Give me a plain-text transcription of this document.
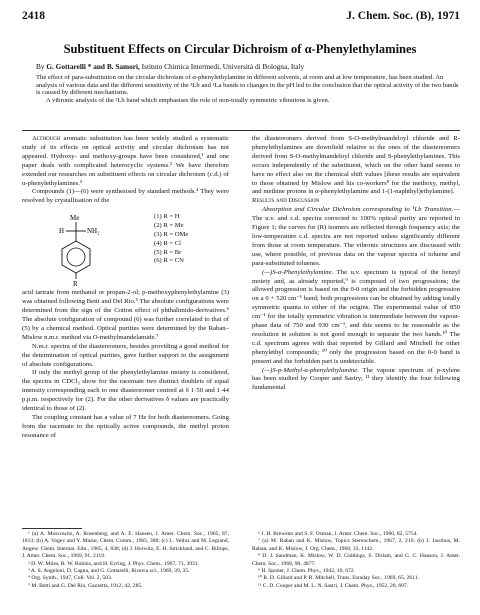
2418	J. Chem. Soc. (B), 1971
Substituent Effects on Circular Dichroism of α-Phenylethylamines
By G. Gottarelli * and B. Samorì, Istituto Chimica Intermedi, Università di Bologna, Italy
The effect of para-substitution on the circular dichroism of α-phenylethylamine in different solvents, at room and at low temperature, has been studied. An analysis of various data and the different sensitivity of the ¹Lb and ¹La bands to changes in the pH led to the conclusion that the optical activity of the two bands is caused by different mechanisms.
A vibronic analysis of the ¹Lb band which emphasises the role of non-totally symmetric vibrations is given.

Although aromatic substitution has been widely studied a systematic study of its effects on optical activity and circular dichroism has not appeared. Hydroxy- and methoxy-groups have been considered,¹ and one paper deals with complicated heterocyclic systems.² We have therefore extended our researches on substituent effects on circular dichroism (c.d.) of α-phenylethylamines.³

Compounds (1)—(6) were synthesised by standard methods.⁴ They were resolved by crystallisation of the

Me
H	NH₂
R
(1) R = H
(2) R = Me
(3) R = OMe
(4) R = Cl
(5) R = Br
(6) R = CN

acid tartrate from methanol or propan-2-ol; p-methoxyphenylethylamine (3) was obtained following Betti and Del Rio.⁵ The absolute configurations were determined from the sign of the Cotton effect of phthalimido-derivatives.⁶ The absolute configuration of compound (6) was further correlated to that of (5) by a chemical method. Optical purities were determined by the Raban–Mislow n.m.r. method via O-methylmandelamide.⁷

N.m.r. spectra of the diastereomers, besides providing a good method for the determination of optical purities, gave further support to the assignment of absolute configurations.

If only the methyl group of the phenylethylamine moiety is considered, the spectra in CDCl₃ show for the racemate two distinct doublets of equal intensity corresponding each to one diastereomer centred at δ 1·50 and 1·44 p.p.m. respectively for (2). For the other derivatives δ values are practically identical to those of (2).

The coupling constant has a value of 7 Hz for both diastereomers. Going from the racemate to the optically active compounds, the methyl proton resonance of

the diastereomers derived from S-O-methylmandeloyl chloride and R-phenylethylamines are downfield relative to the ones of the diastereomers derived from S-O-methylmandeloyl chloride and S-phenylethylamines. This occurs independently of the substituent, which on the other hand seems to have no effect also on the chemical shift values [these results are equivalent to those obtained by Mislow and his co-workers⁸ for the methoxy, methyl, and methine protons in α-phenylethylamine and 1-(1-naphthyl)ethylamine].

Results and Discussion

Absorption and Circular Dichroism corresponding to ¹Lb Transition.—The u.v. and c.d. spectra corrected to 100% optical purity are reported in Figure 1; the curves for (R) isomers are reflected through frequency axis; the low-temperature c.d. spectra are not reported unless significantly different from those at room temperature. The vibronic structures are discussed with use, where possible, of previous data on the vapour spectra of toluene and para-substituted toluenes.

(—)S-α-Phenylethylamine. The u.v. spectrum is typical of the benzyl moiety and, as already reported,⁹ is composed of two progressions; the allowed progression is based on the 0-0 origin and the forbidden progression on a 0 + 520 cm⁻¹ band; both progressions can be obtained by adding totally symmetric quanta to either of the origins. The experimental value of 850 cm⁻¹ for the totally symmetric vibration is intermediate between the vapour-phase data of 750 and 930 cm⁻¹, and this seems to be reasonable as the resolution in solution is not good enough to separate the two bands.¹⁰ The c.d. spectrum agrees with that reported by Gillard and Mitchell for other phenylethyl compounds; ¹⁰ only the progression based on the 0-0 band is present and the forbidden part is undetectable.

(—)S-p-Methyl-α-phenylethylamine. The vapour spectrum of p-xylene has been studied by Cooper and Sastry; ¹¹ they identify the four following fundamental

¹ (a) A. Moscowitz, A. Rosenberg, and A. E. Hansen, J. Amer. Chem. Soc., 1965, 87, 1813; (b) A. Vogev and Y. Mazur, Chem. Comm., 1965, 388; (c) L. Velluz and M. Legrand, Angew. Chem. Internat. Edn., 1965, 4, 838; (d) J. Horwitz, E. H. Strickland, and C. Billups, J. Amer. Chem. Soc., 1969, 91, 2119.

² D. W. Miles, R. W. Robins, and H. Eyring, J. Phys. Chem., 1967, 71, 3931.

³ A. S. Angeloni, D. Cagna, and G. Gottarelli, Ricerca sci., 1969, 39, 35.

⁴ Org. Synth., 1947, Coll. Vol. 2, 503.

⁵ M. Betti and G. Del Rio, Gazzetta, 1912, 42, 285.

⁶ J. H. Brewster and S. F. Osman, J. Amer. Chem. Soc., 1960, 82, 5754.

⁷ (a) M. Raban and K. Mislow, Topics Stereochem., 1967, 2, 216; (b) J. Jacobus, M. Raban, and K. Mislow, J. Org. Chem., 1968, 33, 1142.

⁸ D. J. Sandman, K. Mislow, W. D. Giddings, S. Dirlam, and G. C. Hanson, J. Amer. Chem. Soc., 1968, 90, 4877.

⁹ H. Sponer, J. Chem. Phys., 1942, 10, 672.

¹⁰ R. D. Gillard and P. R. Mitchell, Trans. Faraday Soc., 1969, 65, 2611.

¹¹ C. D. Cooper and M. L. N. Sastri, J. Chem. Phys., 1952, 20, 607.
